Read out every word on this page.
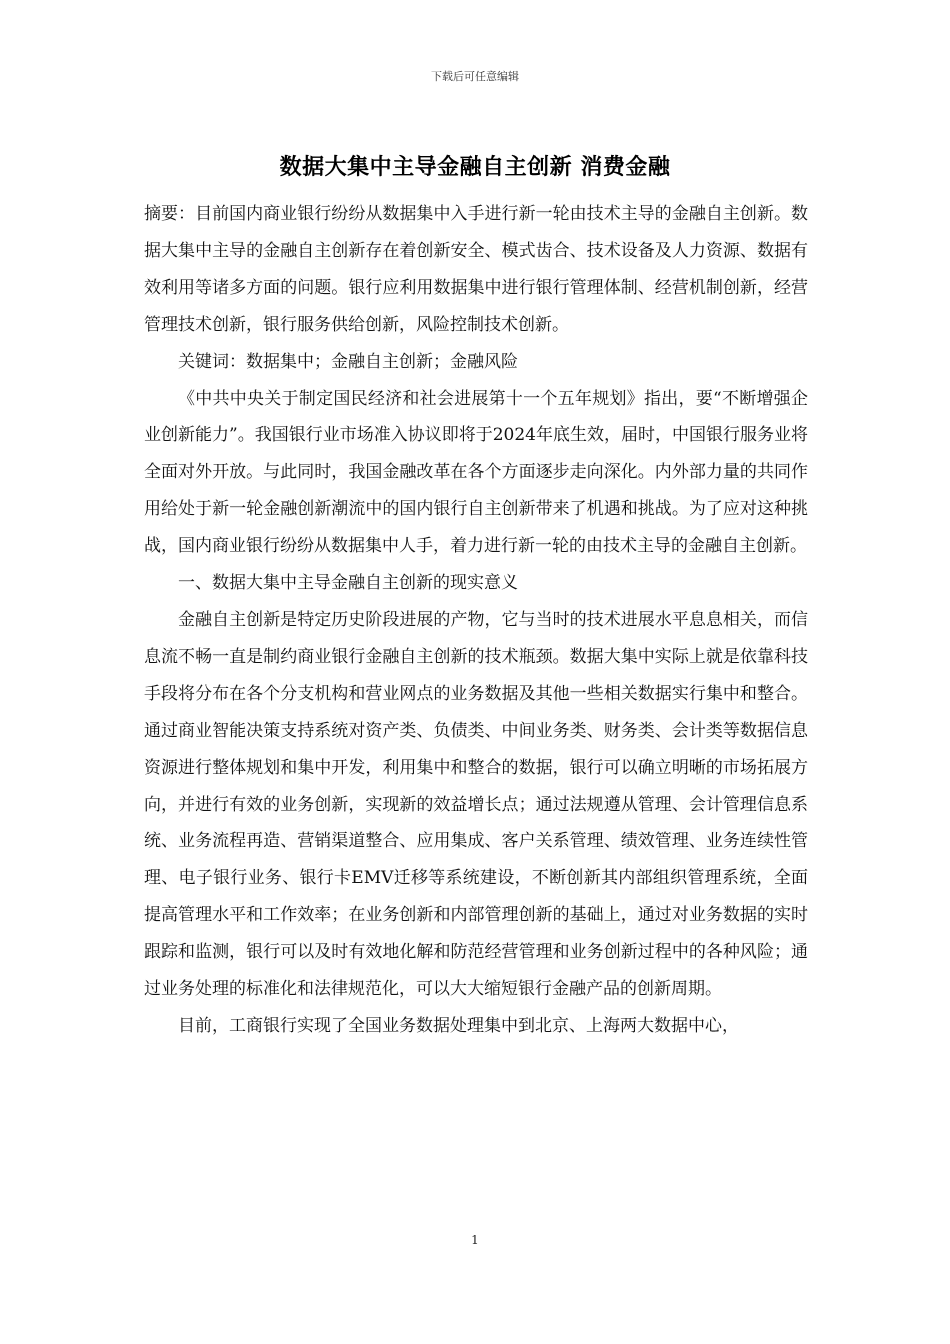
下载后可任意编辑
数据大集中主导金融自主创新 消费金融

摘要：目前国内商业银行纷纷从数据集中入手进行新一轮由技术主导的金融自主创新。数据大集中主导的金融自主创新存在着创新安全、模式齿合、技术设备及人力资源、数据有效利用等诸多方面的问题。银行应利用数据集中进行银行管理体制、经营机制创新，经营管理技术创新，银行服务供给创新，风险控制技术创新。

关键词：数据集中；金融自主创新；金融风险

《中共中央关于制定国民经济和社会进展第十一个五年规划》指出，要“不断增强企业创新能力”。我国银行业市场准入协议即将于2024年底生效，届时，中国银行服务业将全面对外开放。与此同时，我国金融改革在各个方面逐步走向深化。内外部力量的共同作用给处于新一轮金融创新潮流中的国内银行自主创新带来了机遇和挑战。为了应对这种挑战，国内商业银行纷纷从数据集中人手，着力进行新一轮的由技术主导的金融自主创新。

一、数据大集中主导金融自主创新的现实意义

金融自主创新是特定历史阶段进展的产物，它与当时的技术进展水平息息相关，而信息流不畅一直是制约商业银行金融自主创新的技术瓶颈。数据大集中实际上就是依靠科技手段将分布在各个分支机构和营业网点的业务数据及其他一些相关数据实行集中和整合。通过商业智能决策支持系统对资产类、负债类、中间业务类、财务类、会计类等数据信息资源进行整体规划和集中开发，利用集中和整合的数据，银行可以确立明晰的市场拓展方向，并进行有效的业务创新，实现新的效益增长点；通过法规遵从管理、会计管理信息系统、业务流程再造、营销渠道整合、应用集成、客户关系管理、绩效管理、业务连续性管理、电子银行业务、银行卡EMV迁移等系统建设，不断创新其内部组织管理系统，全面提高管理水平和工作效率；在业务创新和内部管理创新的基础上，通过对业务数据的实时跟踪和监测，银行可以及时有效地化解和防范经营管理和业务创新过程中的各种风险；通过业务处理的标准化和法律规范化，可以大大缩短银行金融产品的创新周期。

目前，工商银行实现了全国业务数据处理集中到北京、上海两大数据中心，

1
